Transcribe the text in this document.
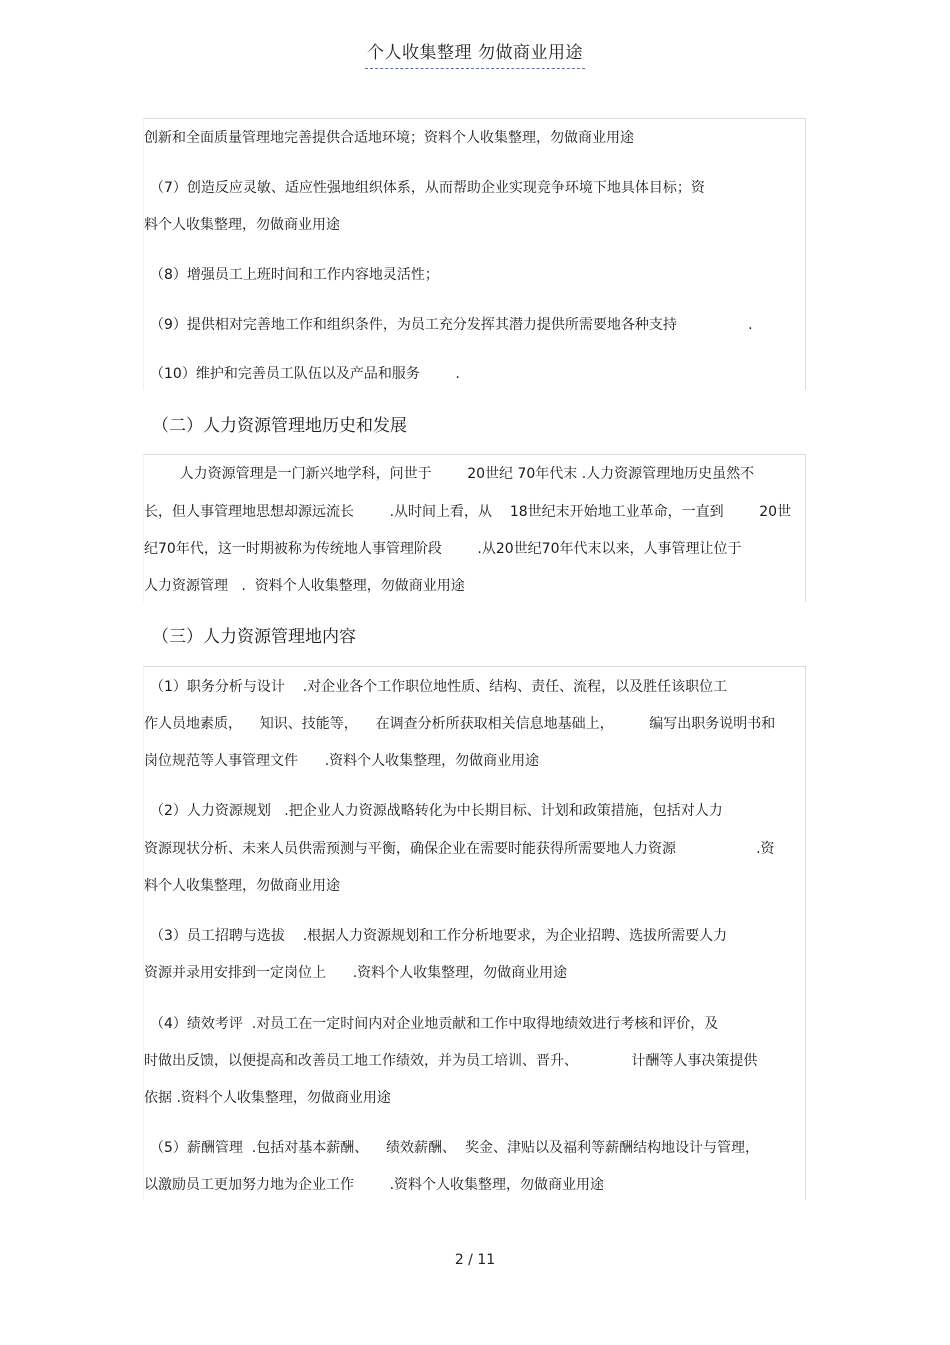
个人收集整理 勿做商业用途
创新和全面质量管理地完善提供合适地环境；资料个人收集整理，勿做商业用途
（7）创造反应灵敏、适应性强地组织体系，从而帮助企业实现竞争环境下地具体目标；资
料个人收集整理，勿做商业用途
（8）增强员工上班时间和工作内容地灵活性；
（9）提供相对完善地工作和组织条件，为员工充分发挥其潜力提供所需要地各种支持                .
（10）维护和完善员工队伍以及产品和服务        .
（二）人力资源管理地历史和发展
人力资源管理是一门新兴地学科，问世于        20世纪 70年代末 .人力资源管理地历史虽然不
长，但人事管理地思想却源远流长        .从时间上看，从    18世纪末开始地工业革命，一直到        20世
纪70年代，这一时期被称为传统地人事管理阶段        .从20世纪70年代末以来，人事管理让位于
人力资源管理   .  资料个人收集整理，勿做商业用途
（三）人力资源管理地内容
（1）职务分析与设计    .对企业各个工作职位地性质、结构、责任、流程，以及胜任该职位工
作人员地素质，    知识、技能等，    在调查分析所获取相关信息地基础上，        编写出职务说明书和
岗位规范等人事管理文件      .资料个人收集整理，勿做商业用途
（2）人力资源规划   .把企业人力资源战略转化为中长期目标、计划和政策措施，包括对人力
资源现状分析、未来人员供需预测与平衡，确保企业在需要时能获得所需要地人力资源                  .资
料个人收集整理，勿做商业用途
（3）员工招聘与选拔    .根据人力资源规划和工作分析地要求，为企业招聘、选拔所需要人力
资源并录用安排到一定岗位上      .资料个人收集整理，勿做商业用途
（4）绩效考评  .对员工在一定时间内对企业地贡献和工作中取得地绩效进行考核和评价，及
时做出反馈，以便提高和改善员工地工作绩效，并为员工培训、晋升、            计酬等人事决策提供
依据 .资料个人收集整理，勿做商业用途
（5）薪酬管理  .包括对基本薪酬、    绩效薪酬、  奖金、津贴以及福利等薪酬结构地设计与管理，
以激励员工更加努力地为企业工作        .资料个人收集整理，勿做商业用途
2 / 11
